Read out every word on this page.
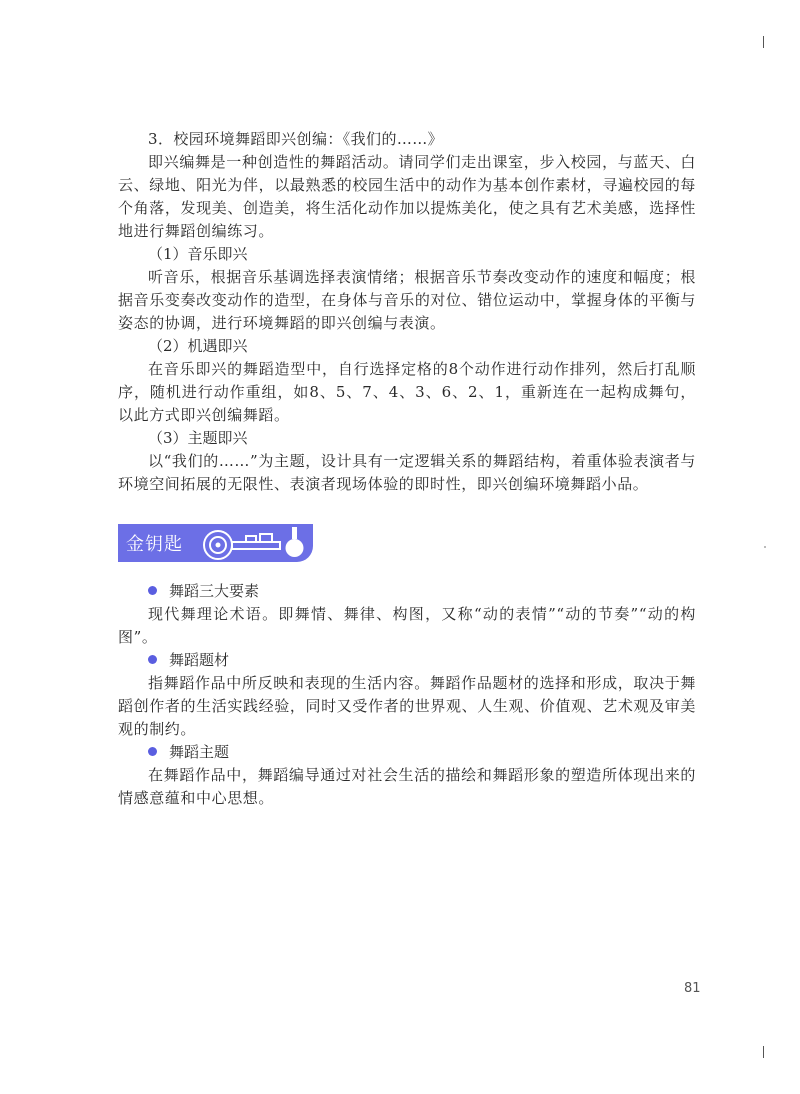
3．校园环境舞蹈即兴创编：《我们的……》

即兴编舞是一种创造性的舞蹈活动。请同学们走出课室，步入校园，与蓝天、白云、绿地、阳光为伴，以最熟悉的校园生活中的动作为基本创作素材，寻遍校园的每个角落，发现美、创造美，将生活化动作加以提炼美化，使之具有艺术美感，选择性地进行舞蹈创编练习。

（1）音乐即兴

听音乐，根据音乐基调选择表演情绪；根据音乐节奏改变动作的速度和幅度；根据音乐变奏改变动作的造型，在身体与音乐的对位、错位运动中，掌握身体的平衡与姿态的协调，进行环境舞蹈的即兴创编与表演。

（2）机遇即兴

在音乐即兴的舞蹈造型中，自行选择定格的8个动作进行动作排列，然后打乱顺序，随机进行动作重组，如8、5、7、4、3、6、2、1，重新连在一起构成舞句，以此方式即兴创编舞蹈。

（3）主题即兴

以“我们的……”为主题，设计具有一定逻辑关系的舞蹈结构，着重体验表演者与环境空间拓展的无限性、表演者现场体验的即时性，即兴创编环境舞蹈小品。

金钥匙

舞蹈三大要素

现代舞理论术语。即舞情、舞律、构图，又称“动的表情”“动的节奏”“动的构图”。

舞蹈题材

指舞蹈作品中所反映和表现的生活内容。舞蹈作品题材的选择和形成，取决于舞蹈创作者的生活实践经验，同时又受作者的世界观、人生观、价值观、艺术观及审美观的制约。

舞蹈主题

在舞蹈作品中，舞蹈编导通过对社会生活的描绘和舞蹈形象的塑造所体现出来的情感意蕴和中心思想。

81
